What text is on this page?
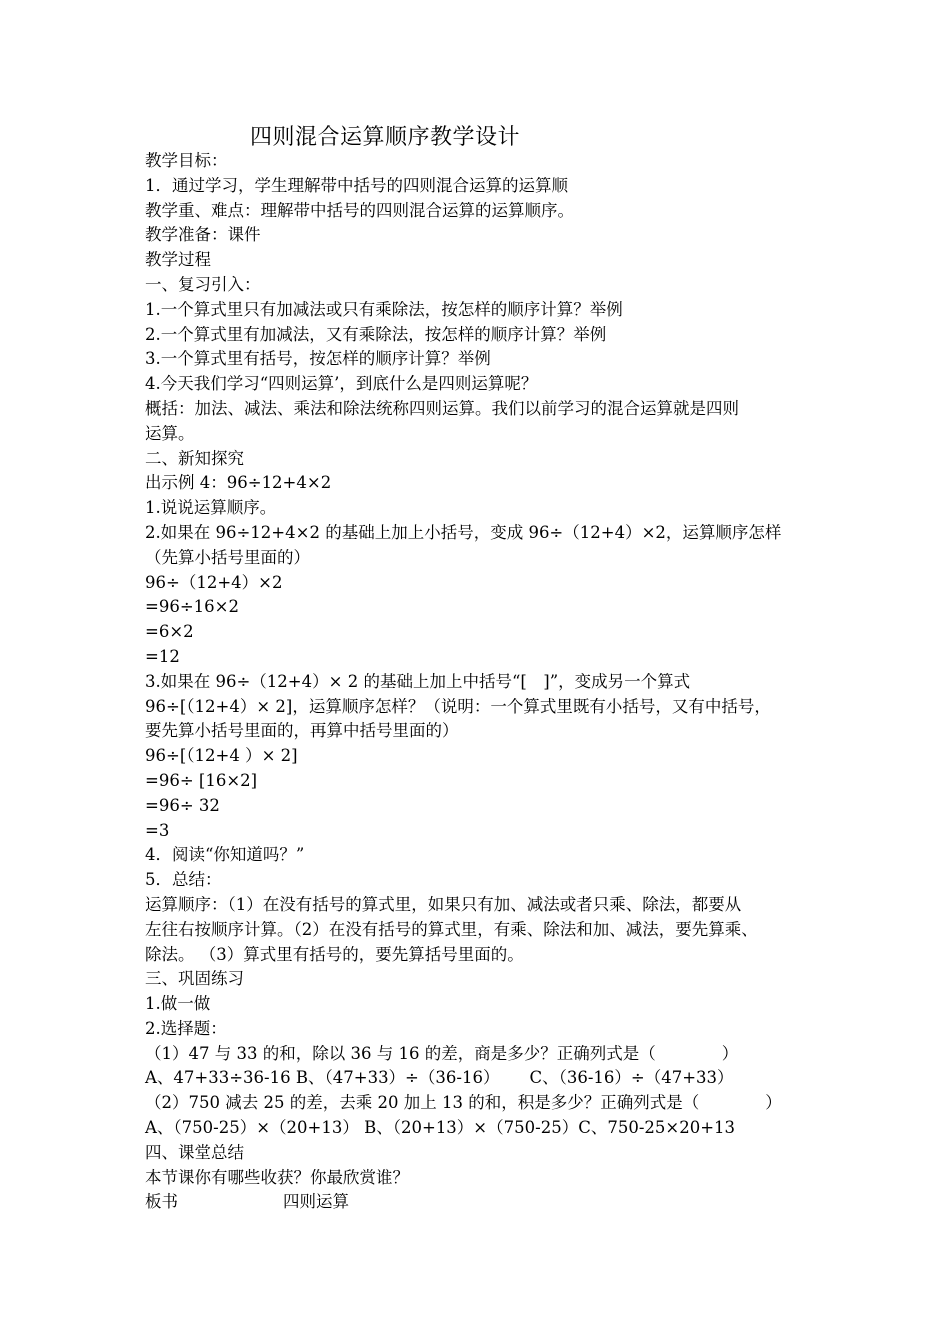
四则混合运算顺序教学设计
教学目标：
1．通过学习，学生理解带中括号的四则混合运算的运算顺
教学重、难点：理解带中括号的四则混合运算的运算顺序。
教学准备：课件
教学过程
一、复习引入：
1.一个算式里只有加减法或只有乘除法，按怎样的顺序计算？举例
2.一个算式里有加减法，又有乘除法，按怎样的顺序计算？举例
3.一个算式里有括号，按怎样的顺序计算？举例
4.今天我们学习“四则运算’，到底什么是四则运算呢？
概括：加法、减法、乘法和除法统称四则运算。我们以前学习的混合运算就是四则
运算。
二、新知探究
出示例 4：96÷12+4×2
1.说说运算顺序。
2.如果在 96÷12+4×2 的基础上加上小括号，变成 96÷（12+4）×2，运算顺序怎样
（先算小括号里面的）
96÷（12+4）×2
=96÷16×2
=6×2
=12
3.如果在 96÷（12+4）× 2 的基础上加上中括号“[　]”，变成另一个算式
96÷[（12+4）× 2]，运算顺序怎样？（说明：一个算式里既有小括号，又有中括号，
要先算小括号里面的，再算中括号里面的）
96÷[（12+4 ）× 2]
=96÷ [16×2]
=96÷ 32
=3
4．阅读“你知道吗？”
5．总结：
运算顺序：（1）在没有括号的算式里，如果只有加、减法或者只乘、除法，都要从
左往右按顺序计算。（2）在没有括号的算式里，有乘、除法和加、减法，要先算乘、
除法。 （3）算式里有括号的，要先算括号里面的。
三、巩固练习
1.做一做
2.选择题：
（1）47 与 33 的和，除以 36 与 16 的差，商是多少？正确列式是（　　　　）
A、47+33÷36-16 B、（47+33）÷（36-16）　　 C、（36-16）÷（47+33）
（2）750 减去 25 的差，去乘 20 加上 13 的和，积是多少？正确列式是（　　　　）
A、（750-25）×（20+13） B、（20+13）×（750-25）C、750-25×20+13
四、课堂总结
本节课你有哪些收获？你最欣赏谁？
板书	四则运算
